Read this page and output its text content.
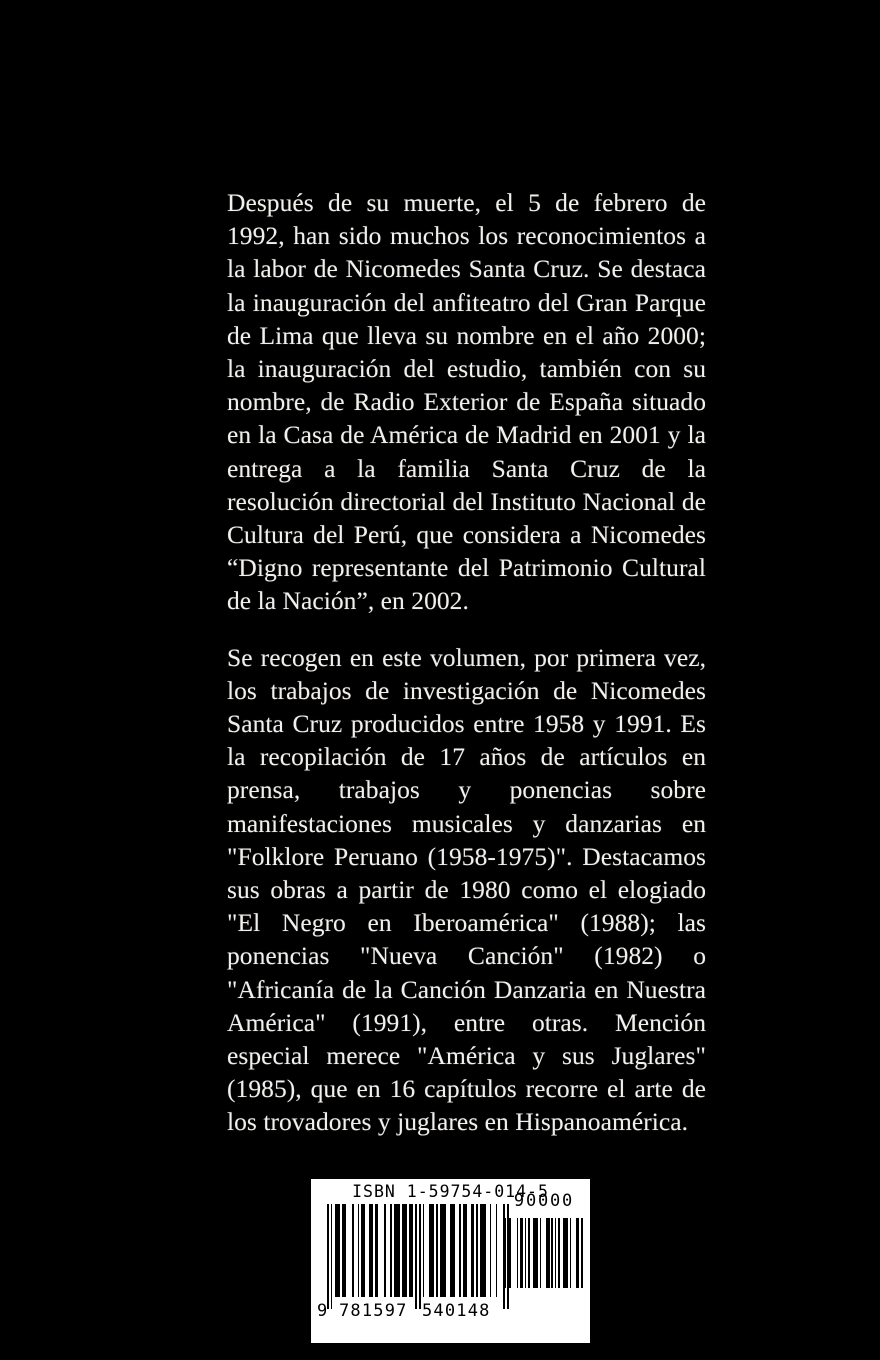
Después de su muerte, el 5 de febrero de 1992, han sido muchos los reconocimientos a la labor de Nicomedes Santa Cruz. Se destaca la inauguración del anfiteatro del Gran Parque de Lima que lleva su nombre en el año 2000; la inauguración del estudio, también con su nombre, de Radio Exterior de España situado en la Casa de América de Madrid en 2001 y la entrega a la familia Santa Cruz de la resolución directorial del Instituto Nacional de Cultura del Perú, que considera a Nicomedes “Digno representante del Patrimonio Cultural de la Nación”, en 2002.

Se recogen en este volumen, por primera vez, los trabajos de investigación de Nicomedes Santa Cruz producidos entre 1958 y 1991. Es la recopilación de 17 años de artículos en prensa, trabajos y ponencias sobre manifestaciones musicales y danzarias en "Folklore Peruano (1958-1975)". Destacamos sus obras a partir de 1980 como el elogiado "El Negro en Iberoamérica" (1988); las ponencias "Nueva Canción" (1982) o "Africanía de la Canción Danzaria en Nuestra América" (1991), entre otras. Mención especial merece "América y sus Juglares" (1985), que en 16 capítulos recorre el arte de los trovadores y juglares en Hispanoamérica.

ISBN 1-59754-014-5
9 781597 540148
90000
